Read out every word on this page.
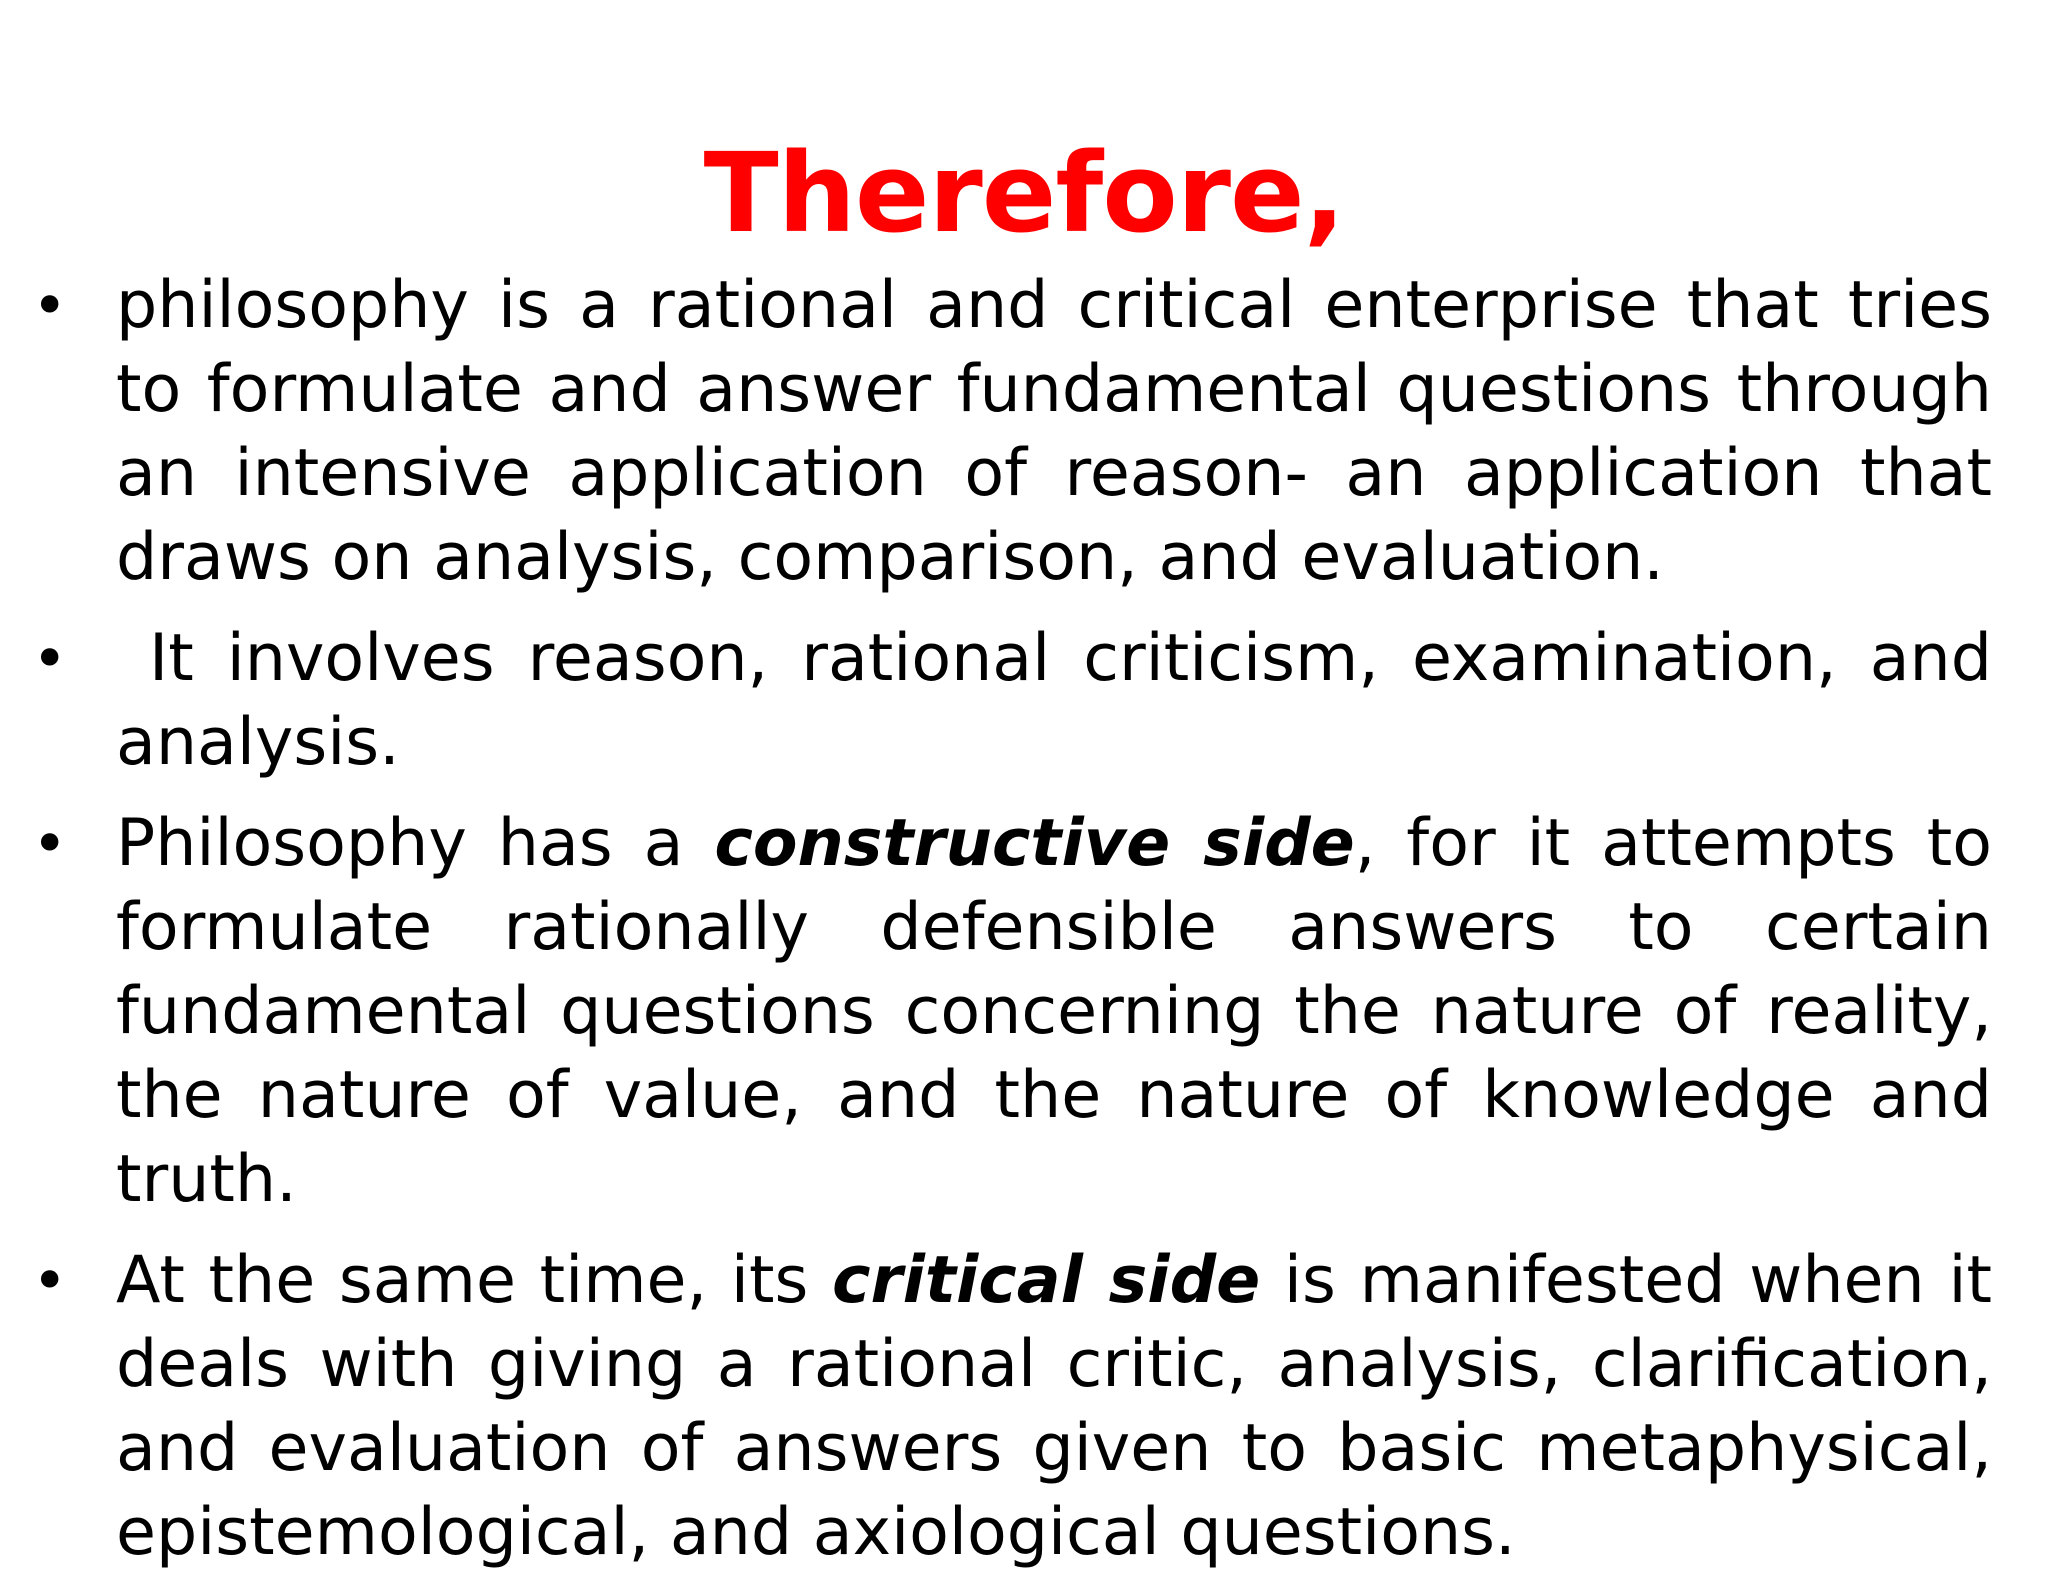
Therefore,
• philosophy is a rational and critical enterprise that tries to formulate and answer fundamental questions through an intensive application of reason- an application that draws on analysis, comparison, and evaluation.
• It involves reason, rational criticism, examination, and analysis.
• Philosophy has a constructive side, for it attempts to formulate rationally defensible answers to certain fundamental questions concerning the nature of reality, the nature of value, and the nature of knowledge and truth.
• At the same time, its critical side is manifested when it deals with giving a rational critic, analysis, clarification, and evaluation of answers given to basic metaphysical, epistemological, and axiological questions.
